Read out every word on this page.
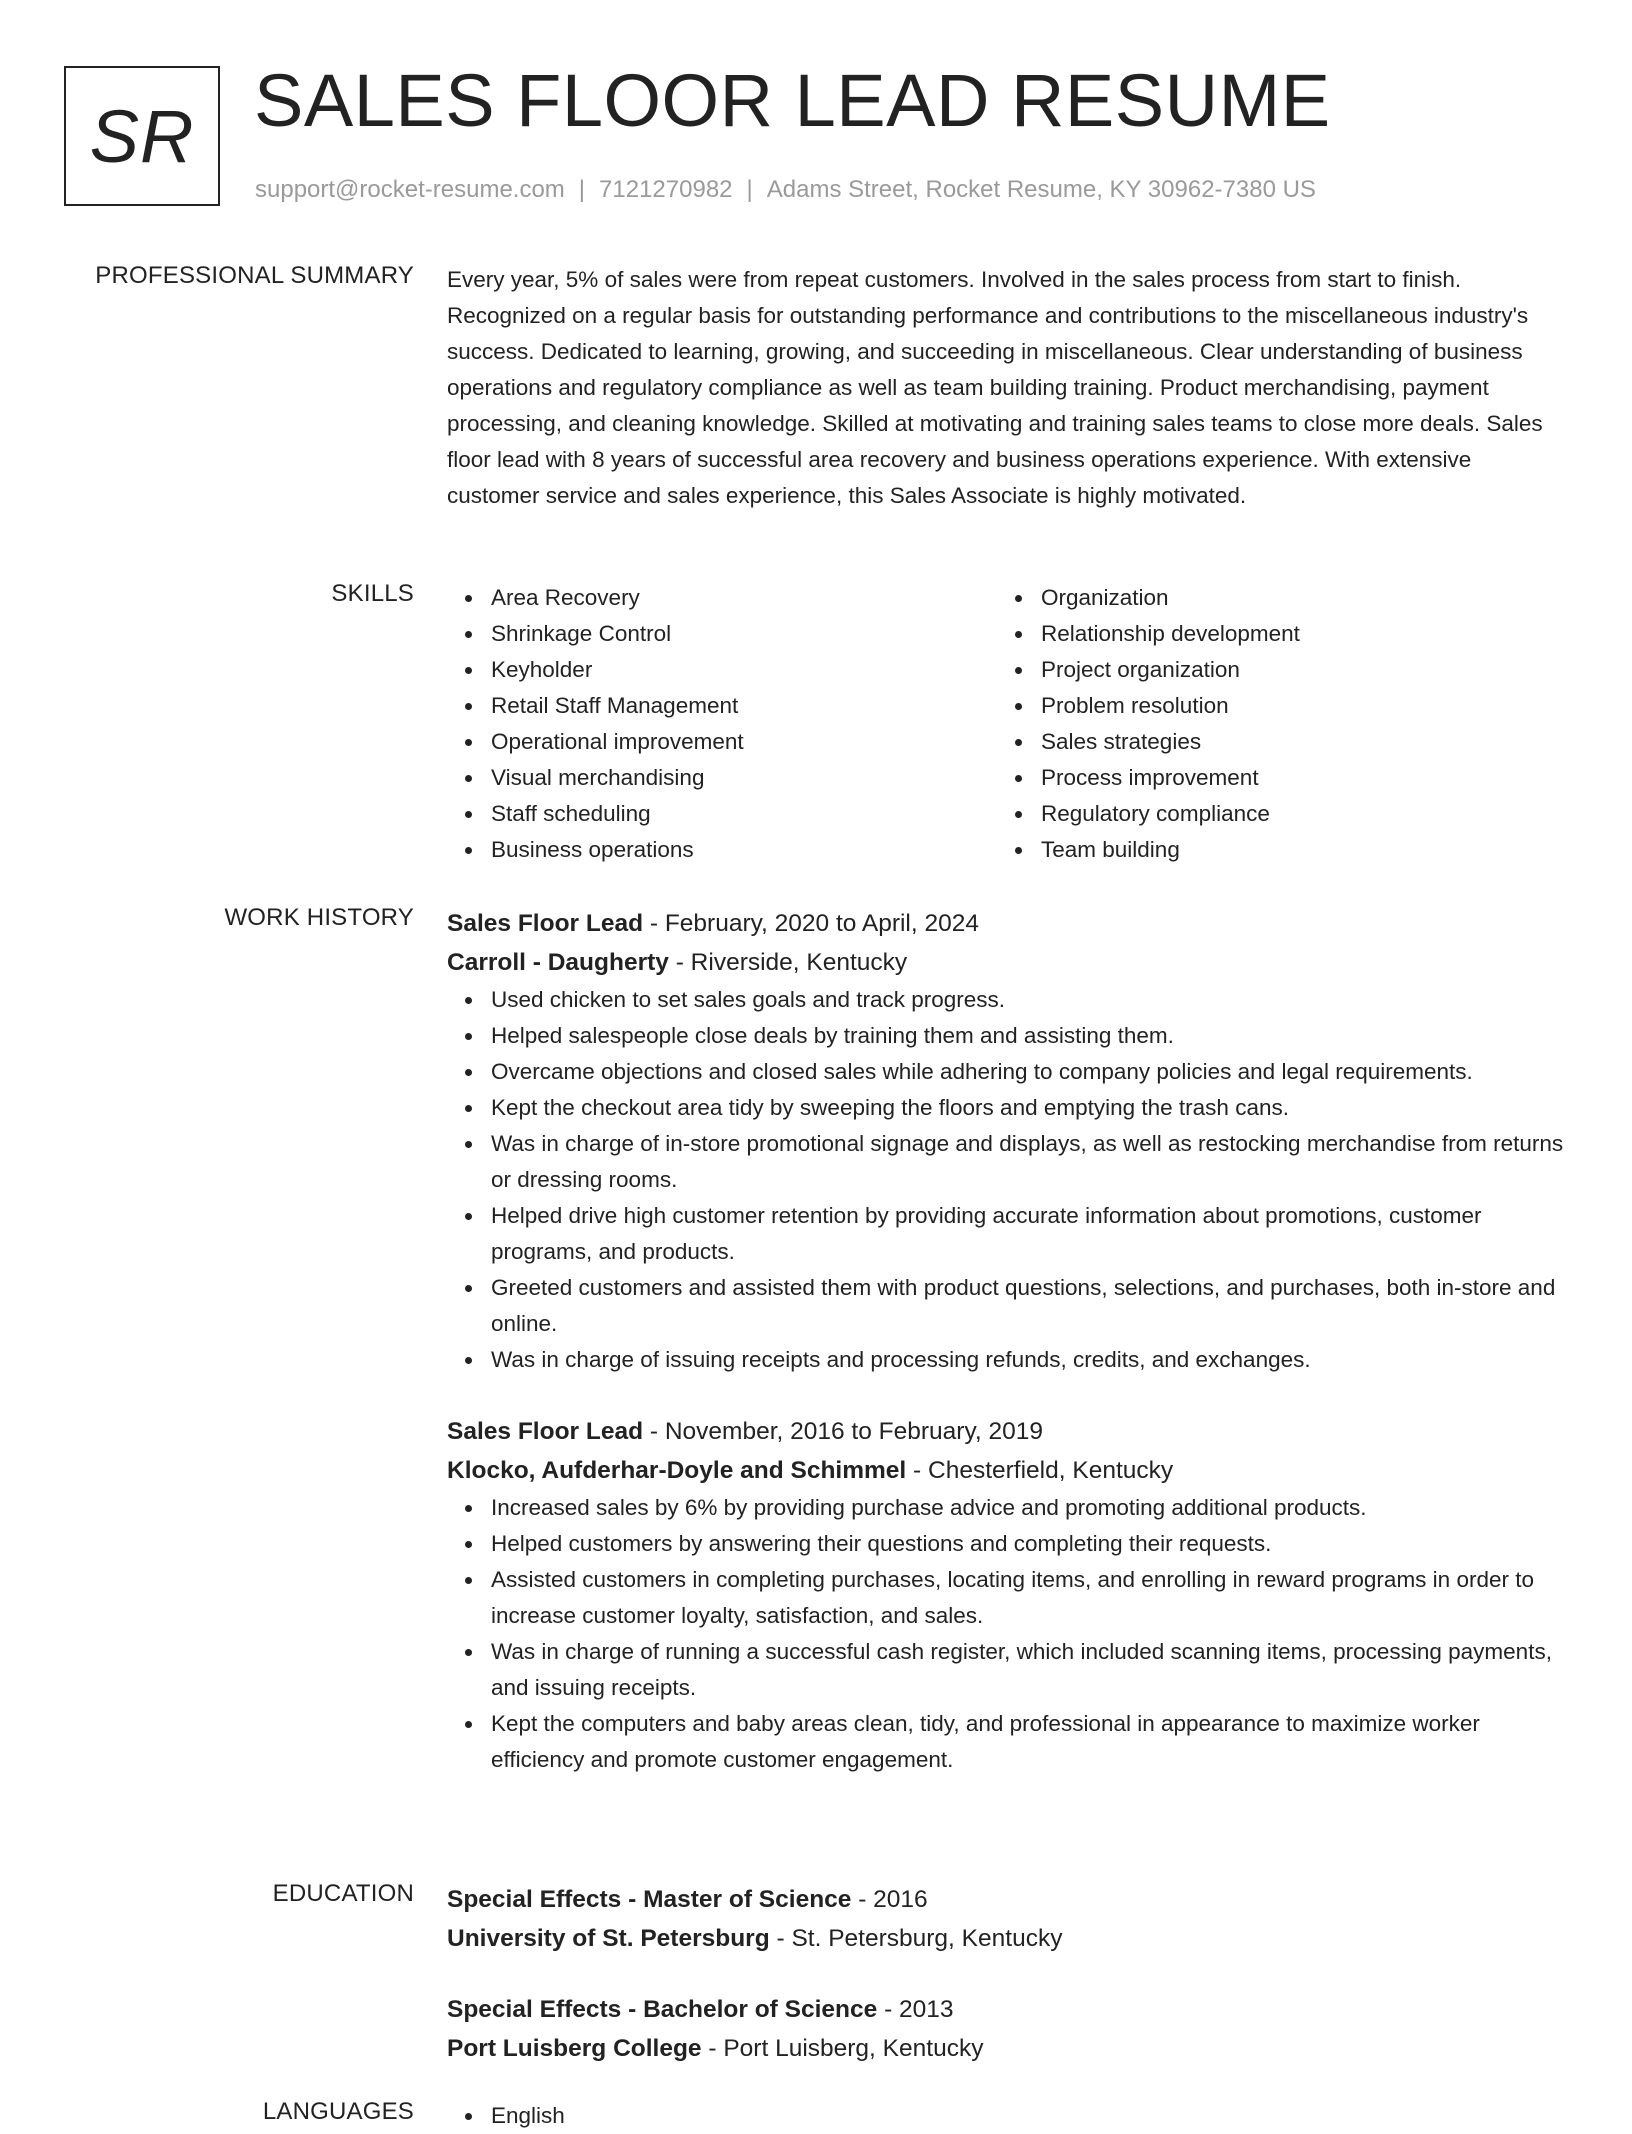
SR SALES FLOOR LEAD RESUME
support@rocket-resume.com | 7121270982 | Adams Street, Rocket Resume, KY 30962-7380 US
PROFESSIONAL SUMMARY Every year, 5% of sales were from repeat customers. Involved in the sales process from start to finish. Recognized on a regular basis for outstanding performance and contributions to the miscellaneous industry's success. Dedicated to learning, growing, and succeeding in miscellaneous. Clear understanding of business operations and regulatory compliance as well as team building training. Product merchandising, payment processing, and cleaning knowledge. Skilled at motivating and training sales teams to close more deals. Sales floor lead with 8 years of successful area recovery and business operations experience. With extensive customer service and sales experience, this Sales Associate is highly motivated.
SKILLS	Area Recovery
Shrinkage Control
Keyholder
Retail Staff Management
Operational improvement
Visual merchandising
Staff scheduling
Business operations
Organization
Relationship development
Project organization
Problem resolution
Sales strategies
Process improvement
Regulatory compliance
Team building
WORK HISTORY Sales Floor Lead - February, 2020 to April, 2024
Carroll - Daugherty - Riverside, Kentucky
Used chicken to set sales goals and track progress.
Helped salespeople close deals by training them and assisting them.
Overcame objections and closed sales while adhering to company policies and legal requirements.
Kept the checkout area tidy by sweeping the floors and emptying the trash cans.
Was in charge of in-store promotional signage and displays, as well as restocking merchandise from returns or dressing rooms.
Helped drive high customer retention by providing accurate information about promotions, customer programs, and products.
Greeted customers and assisted them with product questions, selections, and purchases, both in-store and online.
Was in charge of issuing receipts and processing refunds, credits, and exchanges.
Sales Floor Lead - November, 2016 to February, 2019
Klocko, Aufderhar-Doyle and Schimmel - Chesterfield, Kentucky
Increased sales by 6% by providing purchase advice and promoting additional products.
Helped customers by answering their questions and completing their requests.
Assisted customers in completing purchases, locating items, and enrolling in reward programs in order to increase customer loyalty, satisfaction, and sales.
Was in charge of running a successful cash register, which included scanning items, processing payments, and issuing receipts.
Kept the computers and baby areas clean, tidy, and professional in appearance to maximize worker efficiency and promote customer engagement.
EDUCATION Special Effects - Master of Science - 2016
University of St. Petersburg - St. Petersburg, Kentucky
Special Effects - Bachelor of Science - 2013
Port Luisberg College - Port Luisberg, Kentucky
LANGUAGES	English
